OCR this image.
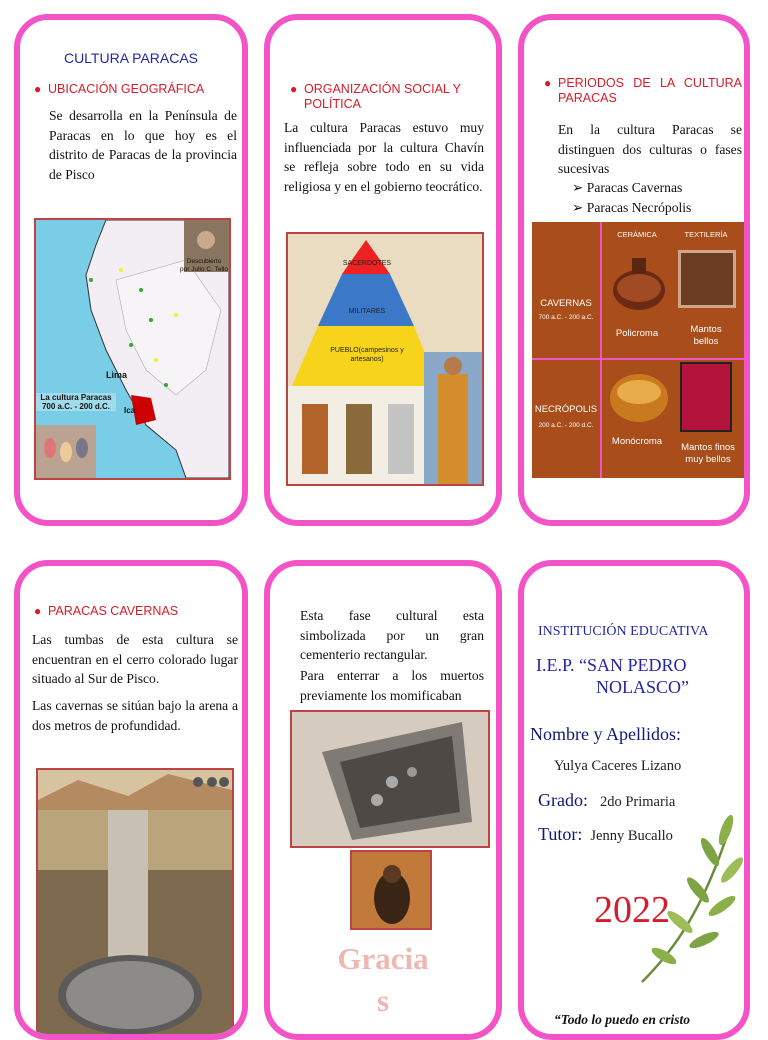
CULTURA PARACAS
● UBICACIÓN GEOGRÁFICA
Se desarrolla en la Península de Paracas en lo que hoy es el distrito de Paracas de la provincia de Pisco
Descubierto
por Julio C. Tello
Lima
Ica
La cultura Paracas
700 a.C. - 200 d.C.
● ORGANIZACIÓN SOCIAL Y POLÍTICA
La cultura Paracas estuvo muy influenciada por la cultura Chavín se refleja sobre todo en su vida religiosa y en el gobierno teocrático.
SACERDOTES
MILITARES
PUEBLO(campesinos y
artesanos)
● PERIODOS DE LA CULTURA PARACAS
En la cultura Paracas se distinguen dos culturas o fases sucesivas
➢ Paracas Cavernas
➢ Paracas Necrópolis
CERÁMICA	TEXTILERÍA
CAVERNAS
700 a.C. - 200 a.C.
NECRÓPOLIS
200 a.C. - 200 d.C.
Policroma	Mantos
bellos
Monócroma
Mantos finos
muy bellos
● PARACAS CAVERNAS
Las tumbas de esta cultura se encuentran en el cerro colorado lugar situado al Sur de Pisco.
Las cavernas se sitúan bajo la arena a dos metros de profundidad.
Esta fase cultural esta simbolizada por un gran cementerio rectangular.
Para enterrar a los muertos previamente los momificaban
Gracia
s
INSTITUCIÓN EDUCATIVA
I.E.P. “SAN PEDRO
NOLASCO”
Nombre y Apellidos:
Yulya Caceres Lizano
Grado: 2do Primaria
Tutor: Jenny Bucallo
2022
“Todo lo puedo en cristo
